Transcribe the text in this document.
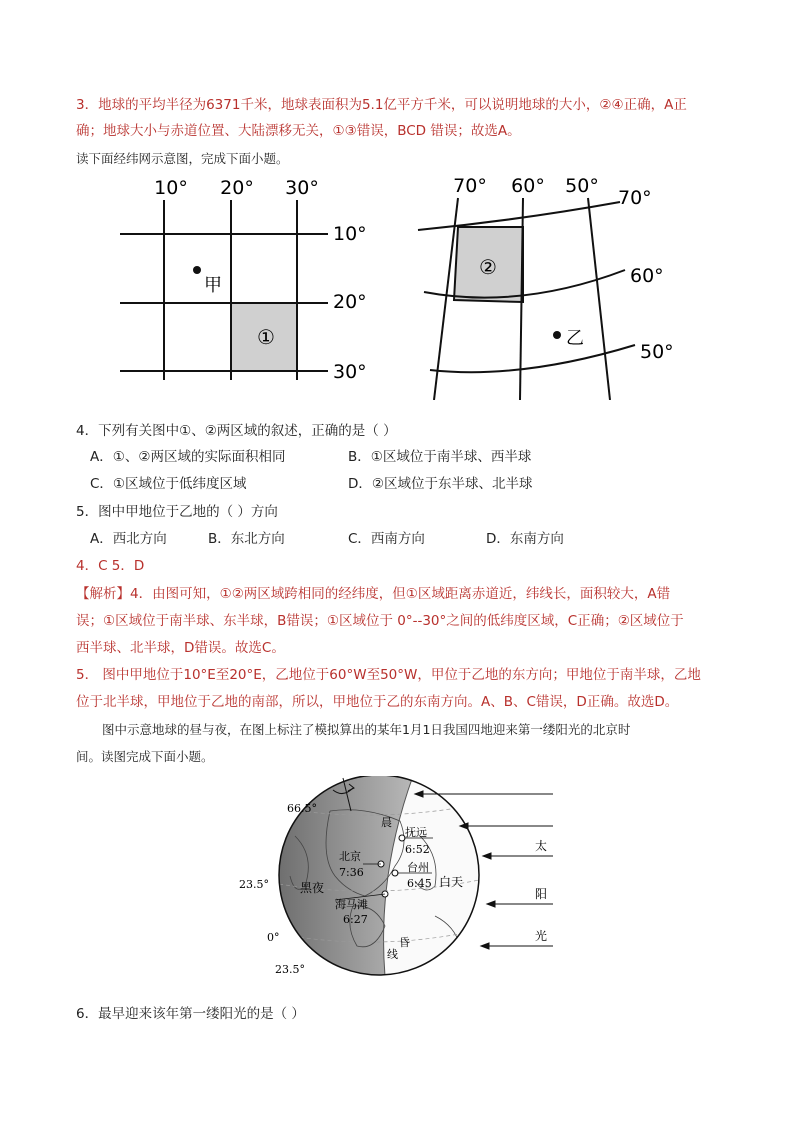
3．地球的平均半径为6371千米，地球表面积为5.1亿平方千米，可以说明地球的大小，②④正确，A正
确；地球大小与赤道位置、大陆漂移无关，①③错误，BCD 错误；故选A。
读下面经纬网示意图，完成下面小题。
①
甲
10° 20° 30°
10°
20°
30°
②
乙
70° 60° 50°
70°
60°
50°
4．下列有关图中①、②两区域的叙述，正确的是（ ）
A．①、②两区域的实际面积相同	B．①区域位于南半球、西半球
C．①区域位于低纬度区域	D．②区域位于东半球、北半球
5．图中甲地位于乙地的（ ）方向
A．西北方向	B．东北方向	C．西南方向	D．东南方向
4．C 5．D
【解析】4．由图可知，①②两区域跨相同的经纬度，但①区域距离赤道近，纬线长，面积较大，A错
误；①区域位于南半球、东半球，B错误；①区域位于 0°--30°之间的低纬度区域，C正确；②区域位于
西半球、北半球，D错误。故选C。
5． 图中甲地位于10°E至20°E，乙地位于60°W至50°W，甲位于乙地的东方向；甲地位于南半球，乙地
位于北半球，甲地位于乙地的南部，所以，甲地位于乙的东南方向。A、B、C错误，D正确。故选D。
图中示意地球的昼与夜，在图上标注了模拟算出的某年1月1日我国四地迎来第一缕阳光的北京时
间。读图完成下面小题。
太
阳
光
66.5°
23.5°
0°
23.5°
黑夜	白天
晨
昏
线
抚远
6:52
北京
7:36	台州
6:45
海马滩
6:27
6．最早迎来该年第一缕阳光的是（ ）
